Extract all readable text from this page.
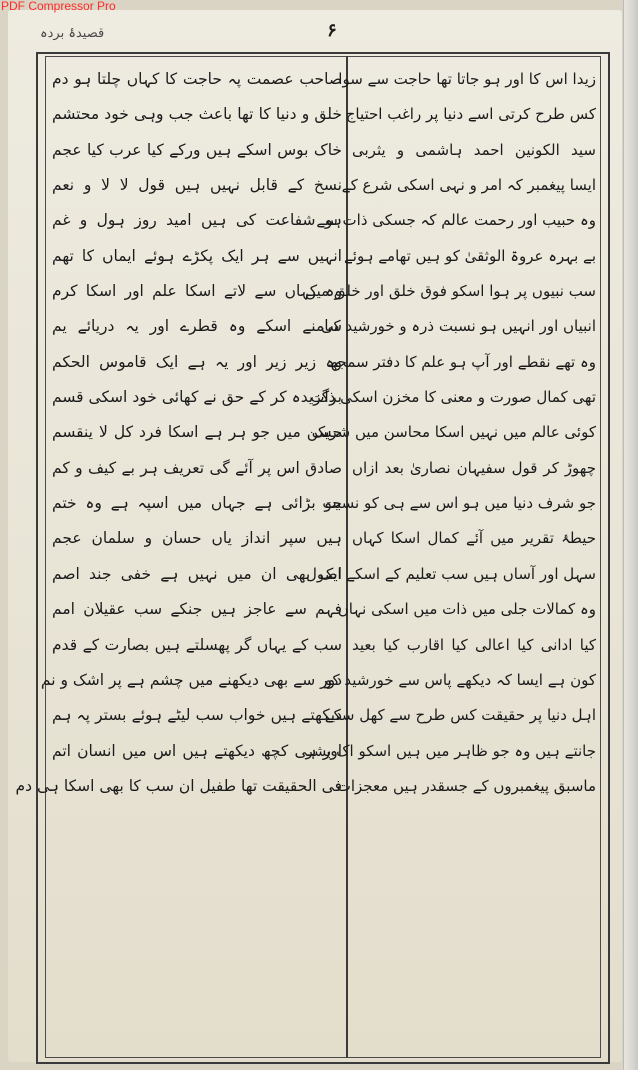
PDF Compressor Pro
قصیدۂ بردہ	۶
زیدا اس کا اور ہو جاتا تھا حاجت سے سوا
کس طرح کرتی اسے دنیا پر راغب احتیاج
سید الکونین احمد ہاشمی و یثربی
ایسا پیغمبر کہ امر و نہی اسکی شرع کے
وہ حبیب اور رحمت عالم کہ جسکی ذات سے
بے بہرہ عروۃ الوثقیٰ کو ہیں تھامے ہوئے
سب نبیوں پر ہوا اسکو فوق خلق اور خلق میں
انبیاں اور انہیں ہو نسبت ذرہ و خورشید کی
وہ تھے نقطے اور آپ ہو علم کا دفتر سمجھ
تھی کمال صورت و معنی کا مخزن اسکی ذات
کوئی عالم میں نہیں اسکا محاسن میں شریک
چھوڑ کر قول سفیہان نصاریٰ بعد ازاں
جو شرف دنیا میں ہو اس سے ہی کو نسبت
حیطۂ تقریر میں آئے کمال اسکا کہاں
سہل اور آساں ہیں سب تعلیم کے اسکے اصول
وہ کمالات جلی میں ذات میں اسکی نہاں
کیا ادانی کیا اعالی کیا اقارب کیا بعید
کون ہے ایسا کہ دیکھے پاس سے خورشید کو
اہل دنیا پر حقیقت کس طرح سے کھل سکے
جانتے ہیں وہ جو ظاہر میں ہیں اسکو اک بشر
ماسبق پیغمبروں کے جسقدر ہیں معجزات
صاحب عصمت پہ حاجت کا کہاں چلتا ہو دم
خلق و دنیا کا تھا باعث جب وہی خود محتشم
خاک بوس اسکے ہیں ورکے کیا عرب کیا عجم
نسخ کے قابل نہیں ہیں قول لا لا و نعم
ہو شفاعت کی ہیں امید روز ہول و غم
انہیں سے ہر ایک پکڑے ہوئے ایماں کا تھم
وہ کہاں سے لاتے اسکا علم اور اسکا کرم
سامنے اسکے وہ قطرے اور یہ دریائے یم
وہ زیر زیر اور یہ ہے ایک قاموس الحکم
برگزیدہ کر کے حق نے کھائی خود اسکی قسم
حسن میں جو ہر ہے اسکا فرد کل لا ینقسم
صادق اس پر آئے گی تعریف ہر بے کیف و کم
جو بڑائی ہے جہاں میں اسپہ ہے وہ ختم
ہیں سپر انداز یاں حسان و سلمان عجم
ایک بھی ان میں نہیں ہے خفی جند اصم
فہم سے عاجز ہیں جنکے سب عقیلان امم
سب کے یہاں گر پھسلتے ہیں بصارت کے قدم
دور سے بھی دیکھنے میں چشم ہے پر اشک و نم
دیکھتے ہیں خواب سب لیٹے ہوئے بستر پہ ہم
اور ہی کچھ دیکھتے ہیں اس میں انسان اتم
فی الحقیقت تھا طفیل ان سب کا بھی اسکا ہی دم
